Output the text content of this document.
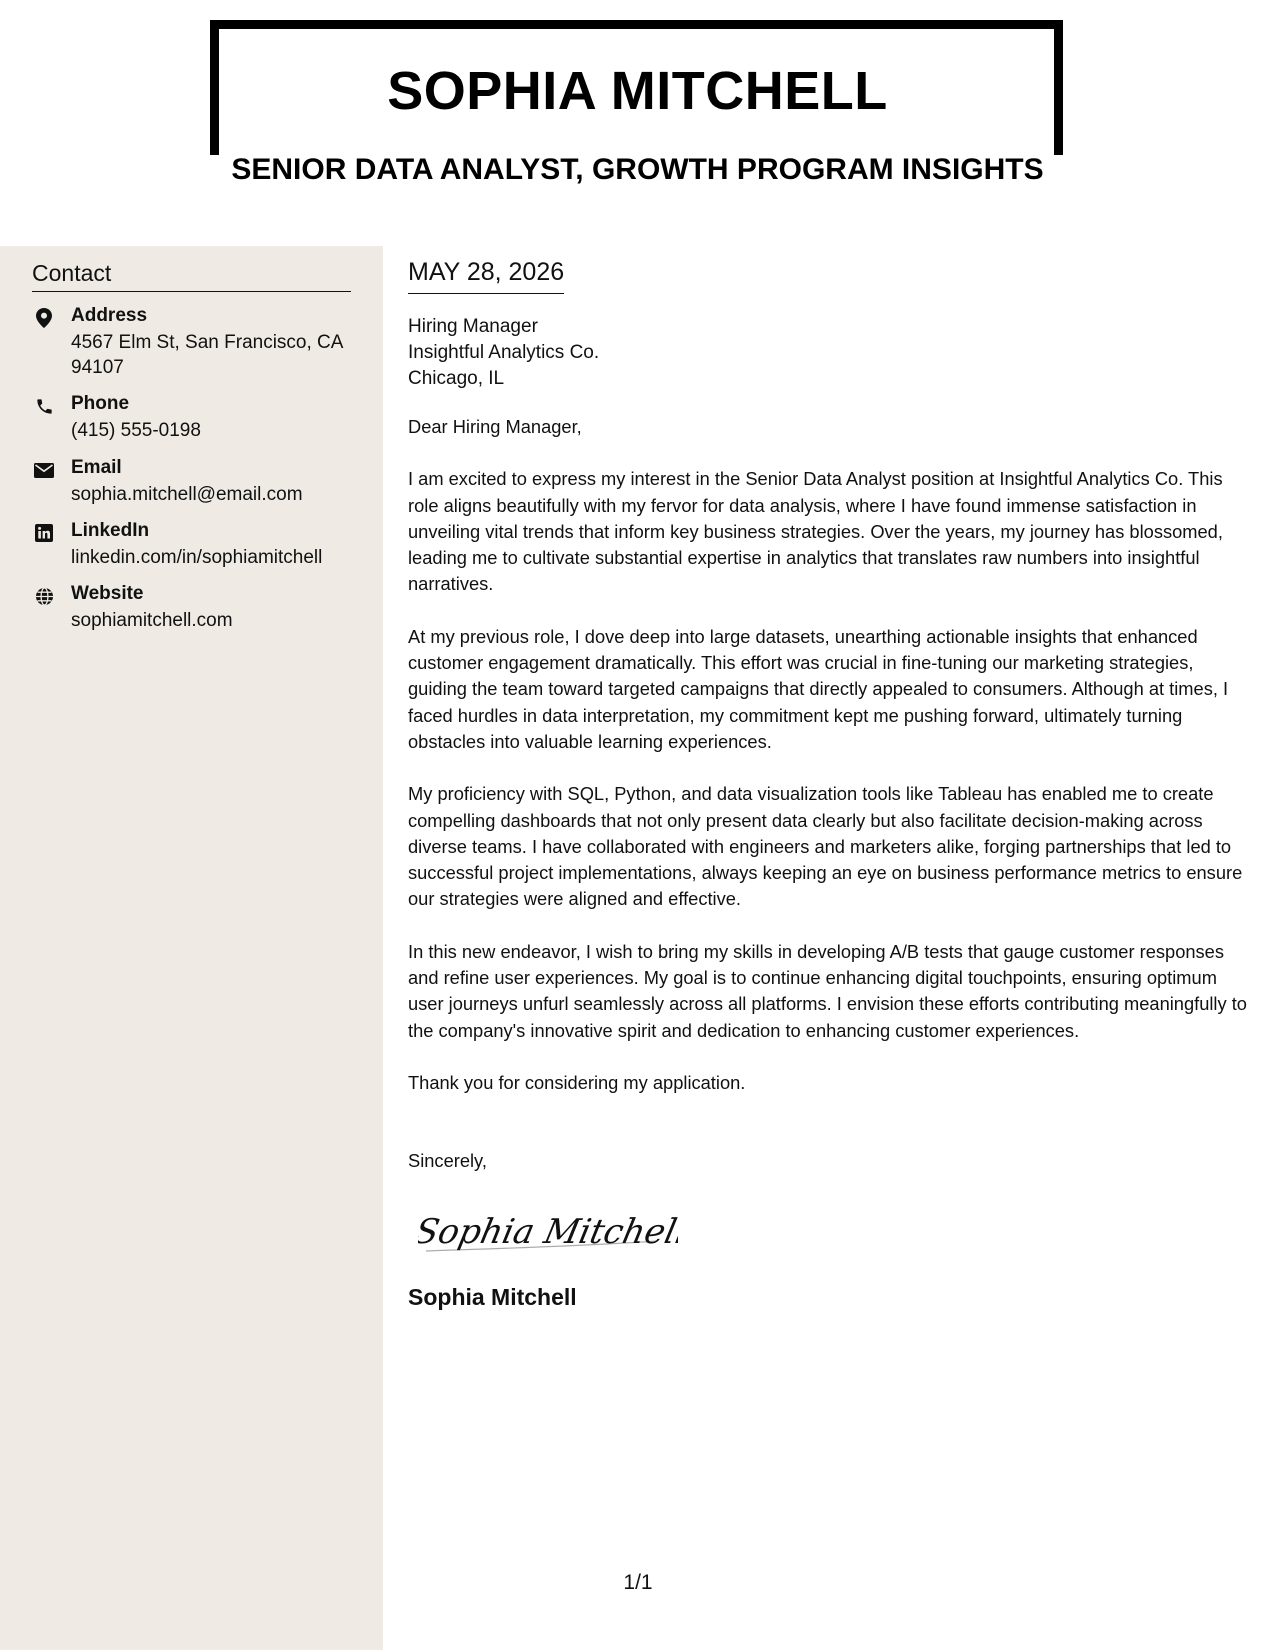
SOPHIA MITCHELL
SENIOR DATA ANALYST, GROWTH PROGRAM INSIGHTS
Contact
Address
4567 Elm St, San Francisco, CA 94107
Phone
(415) 555-0198
Email
sophia.mitchell@email.com
LinkedIn
linkedin.com/in/sophiamitchell
Website
sophiamitchell.com
MAY 28, 2026
Hiring Manager
Insightful Analytics Co.
Chicago, IL

Dear Hiring Manager,

I am excited to express my interest in the Senior Data Analyst position at Insightful Analytics Co. This role aligns beautifully with my fervor for data analysis, where I have found immense satisfaction in unveiling vital trends that inform key business strategies. Over the years, my journey has blossomed, leading me to cultivate substantial expertise in analytics that translates raw numbers into insightful narratives.

At my previous role, I dove deep into large datasets, unearthing actionable insights that enhanced customer engagement dramatically. This effort was crucial in fine-tuning our marketing strategies, guiding the team toward targeted campaigns that directly appealed to consumers. Although at times, I faced hurdles in data interpretation, my commitment kept me pushing forward, ultimately turning obstacles into valuable learning experiences.

My proficiency with SQL, Python, and data visualization tools like Tableau has enabled me to create compelling dashboards that not only present data clearly but also facilitate decision-making across diverse teams. I have collaborated with engineers and marketers alike, forging partnerships that led to successful project implementations, always keeping an eye on business performance metrics to ensure our strategies were aligned and effective.

In this new endeavor, I wish to bring my skills in developing A/B tests that gauge customer responses and refine user experiences. My goal is to continue enhancing digital touchpoints, ensuring optimum user journeys unfurl seamlessly across all platforms. I envision these efforts contributing meaningfully to the company's innovative spirit and dedication to enhancing customer experiences.

Thank you for considering my application.

Sincerely,

Sophia Mitchell
Sophia Mitchell
1/1
